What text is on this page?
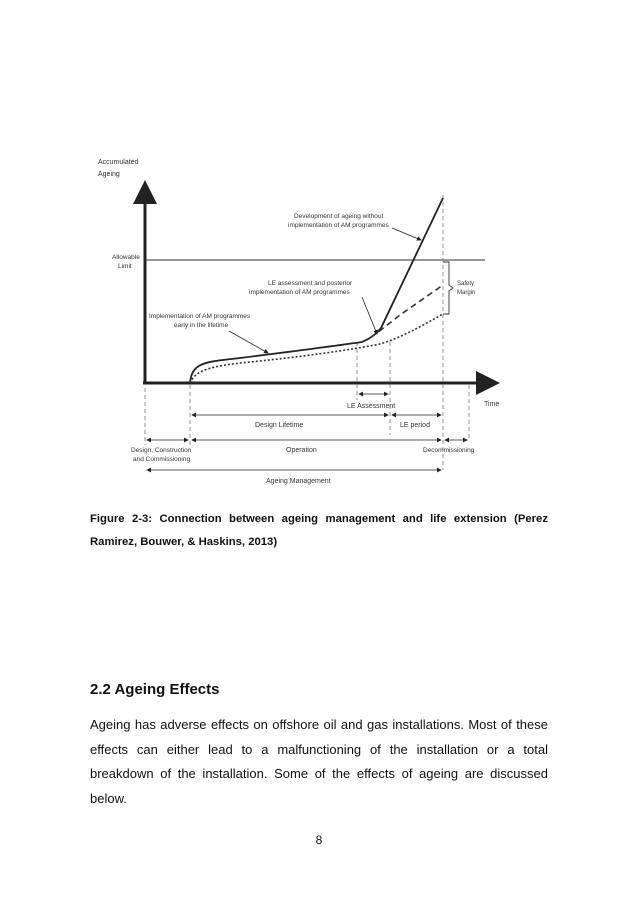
Accumulated
Ageing
Time
Allowable
Limit
Development of ageing without
implementation of AM programmes
LE assessment and posterior
implementation of AM programmes
Implementation of AM programmes
early in the lifetime
Safety
Margin
LE Assessment
Design Lifetime	LE period
Design, Construction
and Commissioning
Operation	Decommissioning
Ageing Management
Figure 2-3: Connection between ageing management and life extension (Perez Ramirez, Bouwer, & Haskins, 2013)
2.2 Ageing Effects
Ageing has adverse effects on offshore oil and gas installations. Most of these effects can either lead to a malfunctioning of the installation or a total breakdown of the installation. Some of the effects of ageing are discussed below.
8
